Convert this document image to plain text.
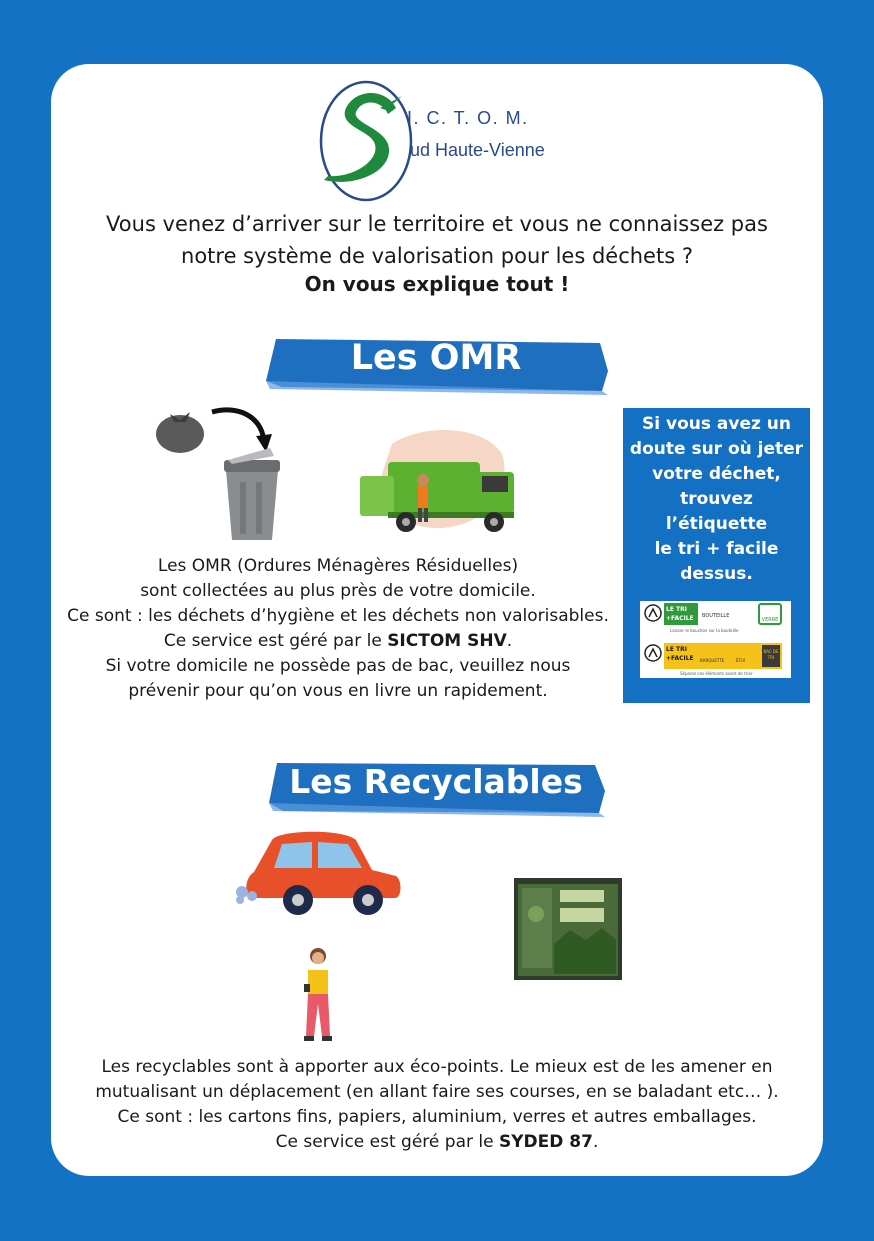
I. C. T. O. M.
ud Haute-Vienne
Vous venez d’arriver sur le territoire et vous ne connaissez pas
notre système de valorisation pour les déchets ?
On vous explique tout !
Les OMR
Les OMR (Ordures Ménagères Résiduelles)
sont collectées au plus près de votre domicile.
Ce sont : les déchets d’hygiène et les déchets non valorisables.
Ce service est géré par le SICTOM SHV.
Si votre domicile ne possède pas de bac, veuillez nous
prévenir pour qu’on vous en livre un rapidement.
Si vous avez un
doute sur où jeter
votre déchet,
trouvez
l’étiquette
le tri + facile
dessus.
LE TRI
+FACILE	BOUTEILLE
VERRE
Laisser le bouchon sur la bouteille
LE TRI
+FACILE	BARQUETTE	ÉTUI
BAC DE TRI
Séparez ces éléments avant de trier
Les Recyclables
Les recyclables sont à apporter aux éco-points. Le mieux est de les amener en
mutualisant un déplacement (en allant faire ses courses, en se baladant etc… ).
Ce sont : les cartons fins, papiers, aluminium, verres et autres emballages.
Ce service est géré par le SYDED 87.
